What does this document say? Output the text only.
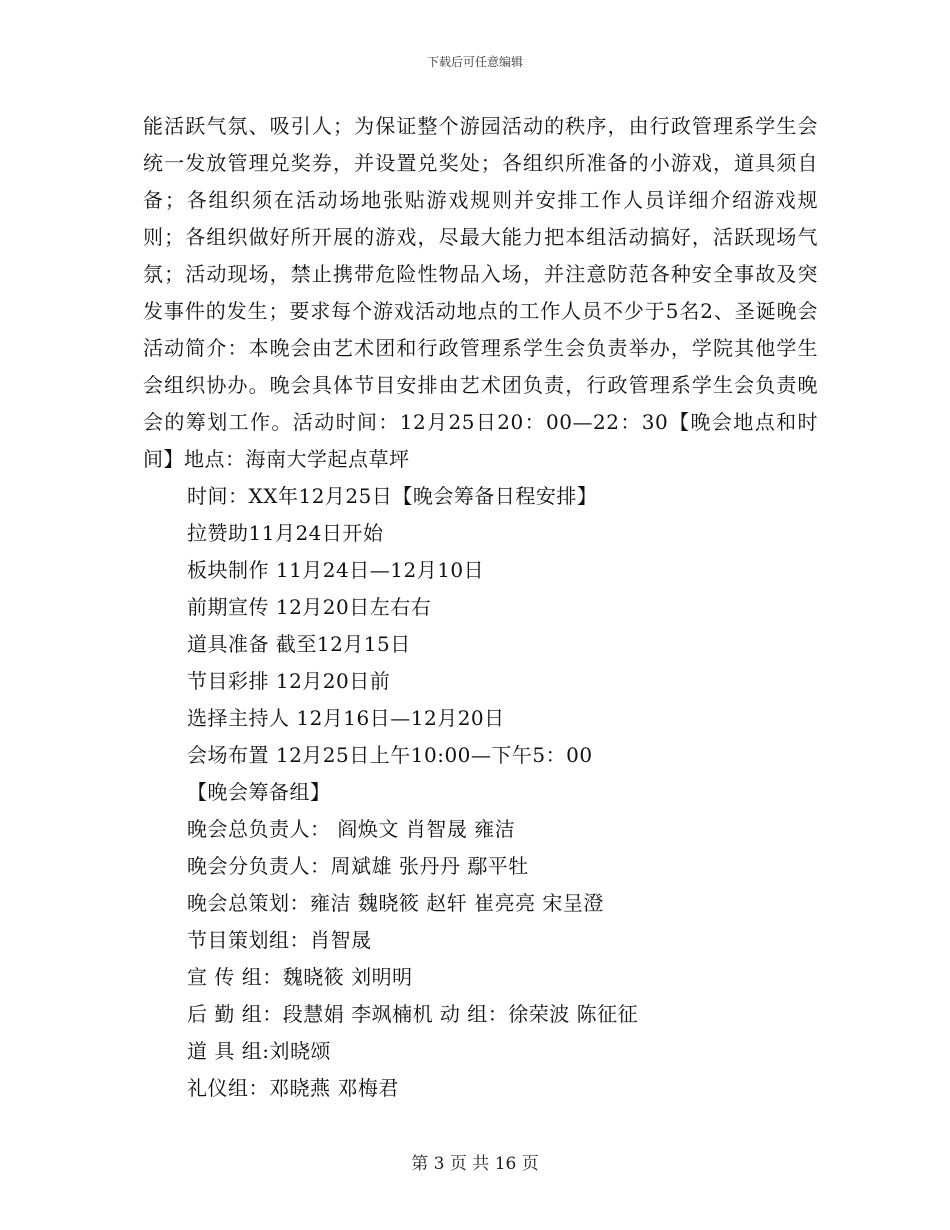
下载后可任意编辑

能活跃气氛、吸引人；为保证整个游园活动的秩序，由行政管理系学生会统一发放管理兑奖券，并设置兑奖处；各组织所准备的小游戏，道具须自备；各组织须在活动场地张贴游戏规则并安排工作人员详细介绍游戏规则；各组织做好所开展的游戏，尽最大能力把本组活动搞好，活跃现场气氛；活动现场，禁止携带危险性物品入场，并注意防范各种安全事故及突发事件的发生；要求每个游戏活动地点的工作人员不少于5名2、圣诞晚会活动简介：本晚会由艺术团和行政管理系学生会负责举办，学院其他学生会组织协办。晚会具体节目安排由艺术团负责，行政管理系学生会负责晚会的筹划工作。活动时间：12月25日20：00—22：30【晚会地点和时间】地点：海南大学起点草坪

时间：XX年12月25日【晚会筹备日程安排】
拉赞助11月24日开始
板块制作 11月24日—12月10日
前期宣传 12月20日左右右
道具准备 截至12月15日
节目彩排 12月20日前
选择主持人 12月16日—12月20日
会场布置 12月25日上午10:00—下午5：00
【晚会筹备组】
晚会总负责人： 阎焕文 肖智晟 雍洁
晚会分负责人：周斌雄 张丹丹 鄢平牡
晚会总策划：雍洁 魏晓筱 赵轩 崔亮亮 宋呈澄
节目策划组：肖智晟
宣 传 组：魏晓筱 刘明明
后 勤 组：段慧娟 李飒楠机 动 组：徐荣波 陈征征
道 具 组:刘晓颂
礼仪组：邓晓燕 邓梅君
第 3 页 共 16 页
